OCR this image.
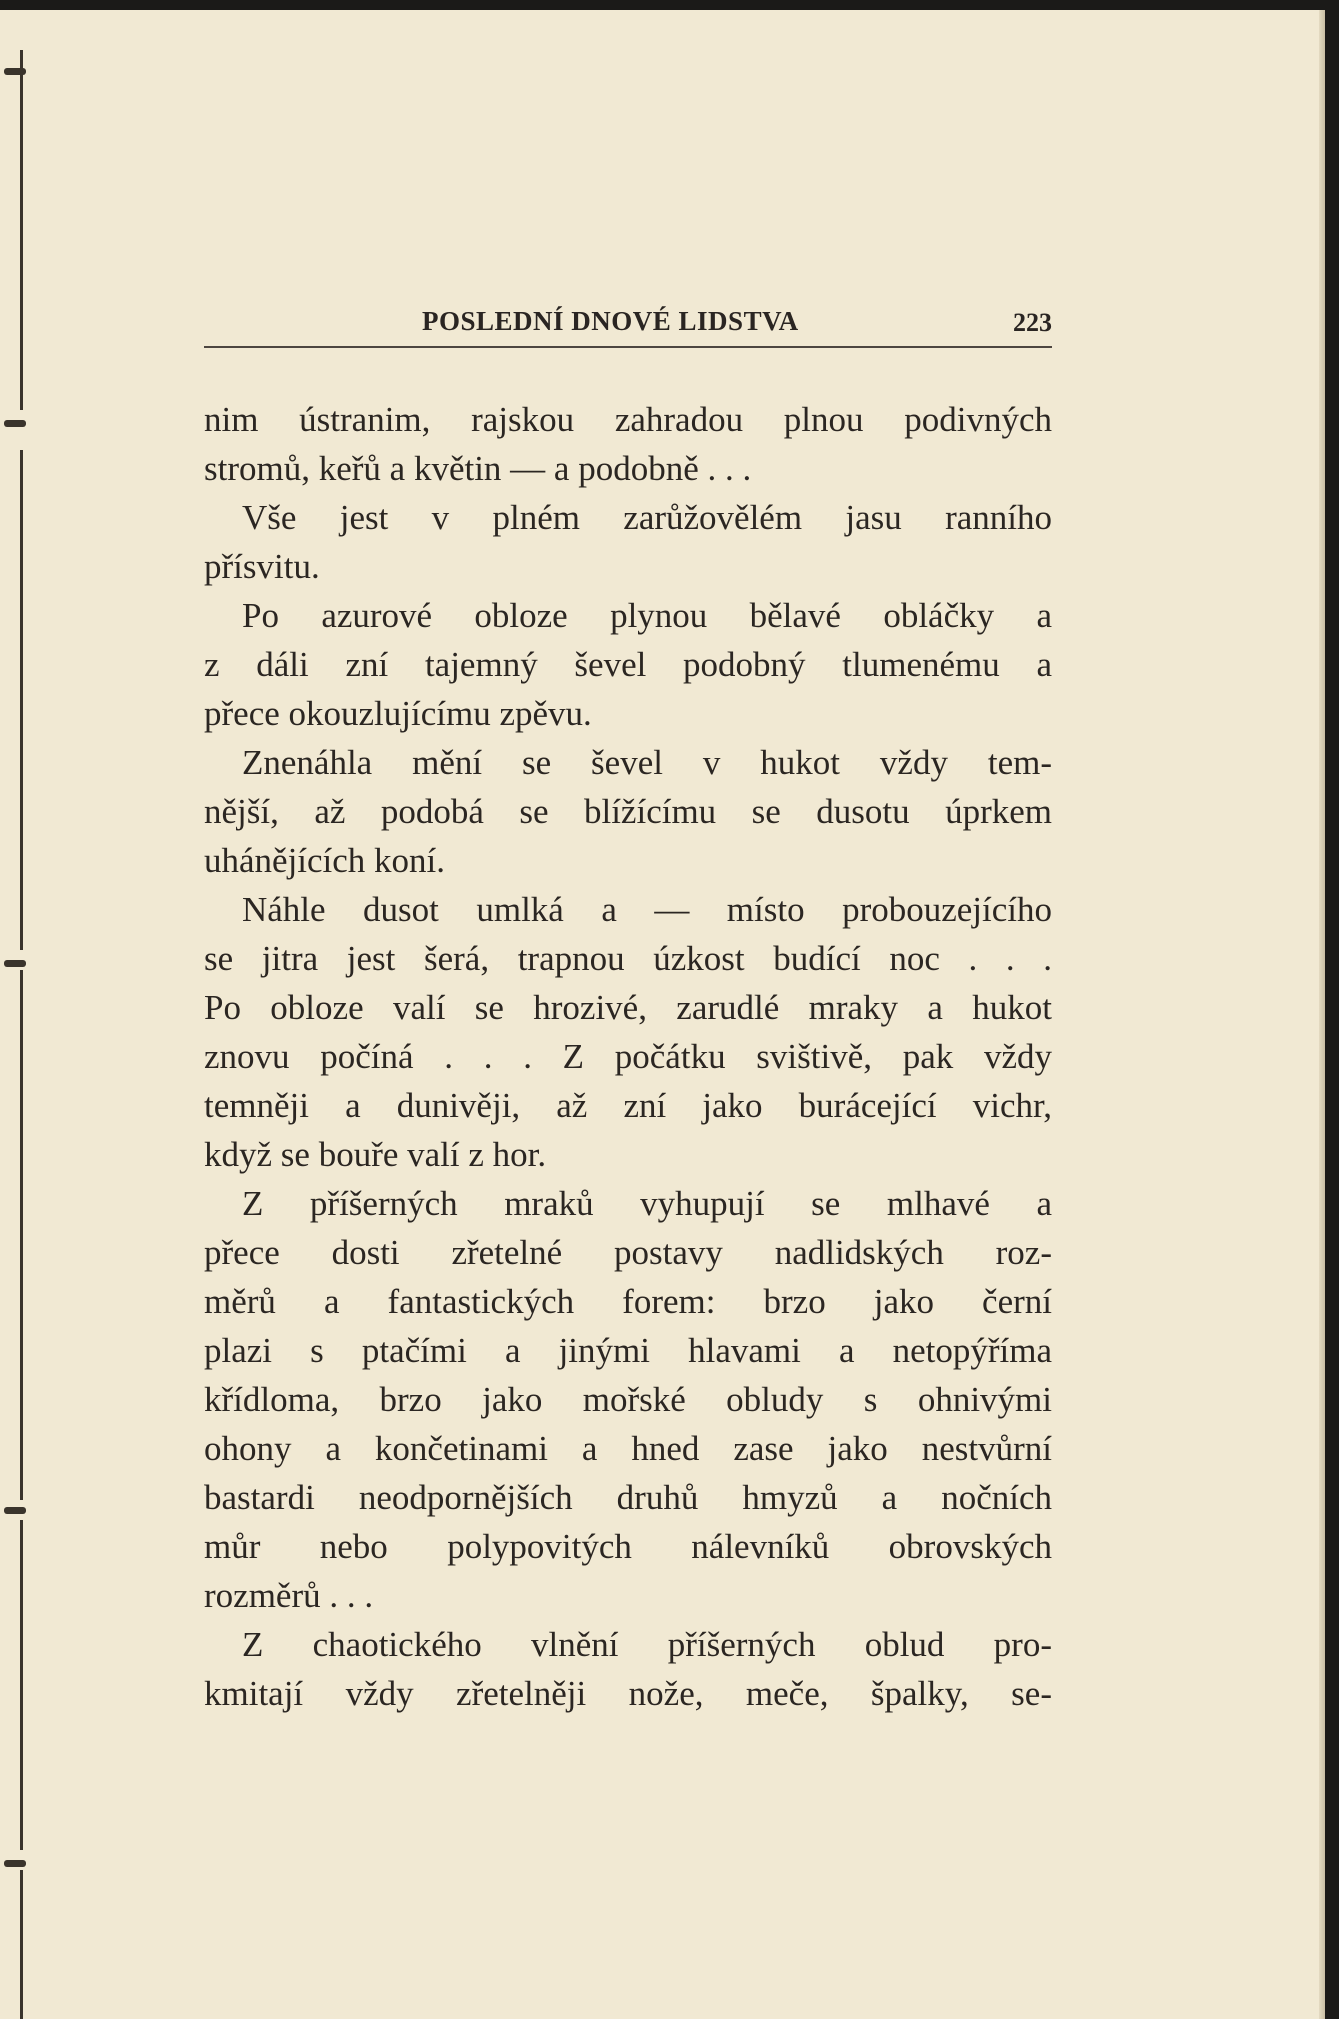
POSLEDNÍ DNOVÉ LIDSTVA	223
nim ústranim, rajskou zahradou plnou podivných
stromů, keřů a květin — a podobně . . .
Vše jest v plném zarůžovělém jasu ranního
přísvitu.
Po azurové obloze plynou bělavé obláčky a
z dáli zní tajemný ševel podobný tlumenému a
přece okouzlujícímu zpěvu.
Znenáhla mění se ševel v hukot vždy tem-
nější, až podobá se blížícímu se dusotu úprkem
uhánějících koní.
Náhle dusot umlká a — místo probouzejícího
se jitra jest šerá, trapnou úzkost budící noc . . .
Po obloze valí se hrozivé, zarudlé mraky a hukot
znovu počíná . . . Z počátku svištivě, pak vždy
temněji a dunivěji, až zní jako burácející vichr,
když se bouře valí z hor.
Z příšerných mraků vyhupují se mlhavé a
přece dosti zřetelné postavy nadlidských roz-
měrů a fantastických forem: brzo jako černí
plazi s ptačími a jinými hlavami a netopýříma
křídloma, brzo jako mořské obludy s ohnivými
ohony a končetinami a hned zase jako nestvůrní
bastardi neodpornějších druhů hmyzů a nočních
můr nebo polypovitých nálevníků obrovských
rozměrů . . .
Z chaotického vlnění příšerných oblud pro-
kmitají vždy zřetelněji nože, meče, špalky, se-
